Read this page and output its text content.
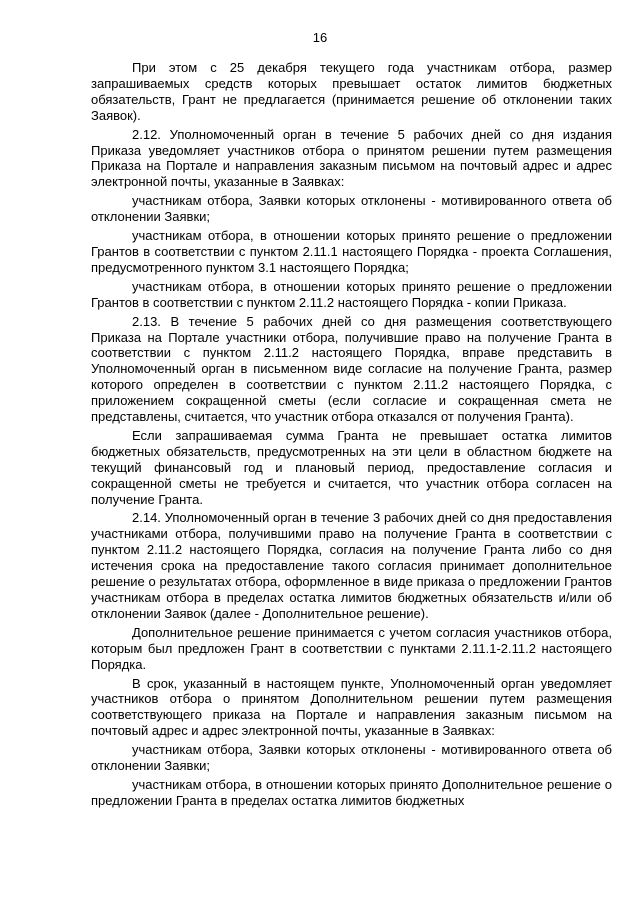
16

При этом с 25 декабря текущего года участникам отбора, размер запрашиваемых средств которых превышает остаток лимитов бюджетных обязательств, Грант не предлагается (принимается решение об отклонении таких Заявок).

2.12. Уполномоченный орган в течение 5 рабочих дней со дня издания Приказа уведомляет участников отбора о принятом решении путем размещения Приказа на Портале и направления заказным письмом на почтовый адрес и адрес электронной почты, указанные в Заявках:

участникам отбора, Заявки которых отклонены - мотивированного ответа об отклонении Заявки;

участникам отбора, в отношении которых принято решение о предложении Грантов в соответствии с пунктом 2.11.1 настоящего Порядка - проекта Соглашения, предусмотренного пунктом 3.1 настоящего Порядка;

участникам отбора, в отношении которых принято решение о предложении Грантов в соответствии с пунктом 2.11.2 настоящего Порядка - копии Приказа.

2.13. В течение 5 рабочих дней со дня размещения соответствующего Приказа на Портале участники отбора, получившие право на получение Гранта в соответствии с пунктом 2.11.2 настоящего Порядка, вправе представить в Уполномоченный орган в письменном виде согласие на получение Гранта, размер которого определен в соответствии с пунктом 2.11.2 настоящего Порядка, с приложением сокращенной сметы (если согласие и сокращенная смета не представлены, считается, что участник отбора отказался от получения Гранта).

Если запрашиваемая сумма Гранта не превышает остатка лимитов бюджетных обязательств, предусмотренных на эти цели в областном бюджете на текущий финансовый год и плановый период, предоставление согласия и сокращенной сметы не требуется и считается, что участник отбора согласен на получение Гранта.

2.14. Уполномоченный орган в течение 3 рабочих дней со дня предоставления участниками отбора, получившими право на получение Гранта в соответствии с пунктом 2.11.2 настоящего Порядка, согласия на получение Гранта либо со дня истечения срока на предоставление такого согласия принимает дополнительное решение о результатах отбора, оформленное в виде приказа о предложении Грантов участникам отбора в пределах остатка лимитов бюджетных обязательств и/или об отклонении Заявок (далее - Дополнительное решение).

Дополнительное решение принимается с учетом согласия участников отбора, которым был предложен Грант в соответствии с пунктами 2.11.1-2.11.2 настоящего Порядка.

В срок, указанный в настоящем пункте, Уполномоченный орган уведомляет участников отбора о принятом Дополнительном решении путем размещения соответствующего приказа на Портале и направления заказным письмом на почтовый адрес и адрес электронной почты, указанные в Заявках:

участникам отбора, Заявки которых отклонены - мотивированного ответа об отклонении Заявки;

участникам отбора, в отношении которых принято Дополнительное решение о предложении Гранта в пределах остатка лимитов бюджетных
